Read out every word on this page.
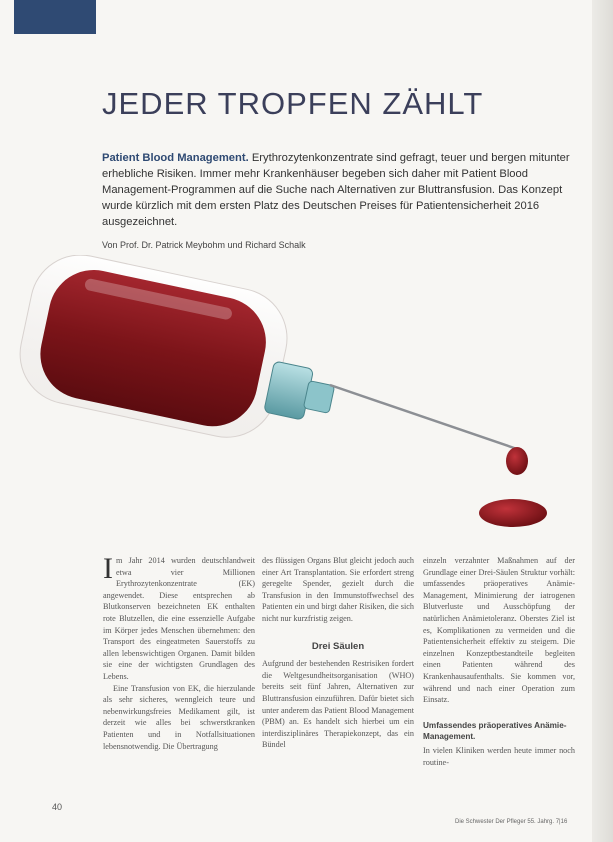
JEDER TROPFEN ZÄHLT

Patient Blood Management. Erythrozytenkonzentrate sind gefragt, teuer und bergen mitunter erhebliche Risiken. Immer mehr Krankenhäuser begeben sich daher mit Patient Blood Management-Programmen auf die Suche nach Alternativen zur Bluttransfusion. Das Konzept wurde kürzlich mit dem ersten Platz des Deutschen Preises für Patientensicherheit 2016 ausgezeichnet.

Von Prof. Dr. Patrick Meybohm und Richard Schalk

Im Jahr 2014 wurden deutschlandweit etwa vier Millionen Erythrozytenkonzentrate (EK) angewendet. Diese entsprechen ab Blutkonserven bezeichneten EK enthalten rote Blutzellen, die eine essenzielle Aufgabe im Körper jedes Menschen übernehmen: den Transport des eingeatmeten Sauerstoffs zu allen lebenswichtigen Organen. Damit bilden sie eine der wichtigsten Grundlagen des Lebens.

Eine Transfusion von EK, die hierzulande als sehr sicheres, wenngleich teure und nebenwirkungsfreies Medikament gilt, ist derzeit wie alles bei schwerstkranken Patienten und in Notfallsituationen lebensnotwendig. Die Übertragung

des flüssigen Organs Blut gleicht jedoch auch einer Art Transplantation. Sie erfordert streng geregelte Spender, gezielt durch die Transfusion in den Immunstoffwechsel des Patienten ein und birgt daher Risiken, die sich nicht nur kurzfristig zeigen.

Drei Säulen

Aufgrund der bestehenden Restrisiken fordert die Weltgesundheitsorganisation (WHO) bereits seit fünf Jahren, Alternativen zur Bluttransfusion einzuführen. Dafür bietet sich unter anderem das Patient Blood Management (PBM) an. Es handelt sich hierbei um ein interdisziplinäres Therapiekonzept, das ein Bündel

einzeln verzahnter Maßnahmen auf der Grundlage einer Drei-Säulen Struktur vorhält: umfassendes präoperatives Anämie-Management, Minimierung der iatrogenen Blutverluste und Ausschöpfung der natürlichen Anämietoleranz. Oberstes Ziel ist es, Komplikationen zu vermeiden und die Patientensicherheit effektiv zu steigern. Die einzelnen Konzeptbestandteile begleiten einen Patienten während des Krankenhausaufenthalts. Sie kommen vor, während und nach einer Operation zum Einsatz.

Umfassendes präoperatives Anämie-Management.

In vielen Kliniken werden heute immer noch routine-

40
Die Schwester Der Pfleger 55. Jahrg. 7|16
